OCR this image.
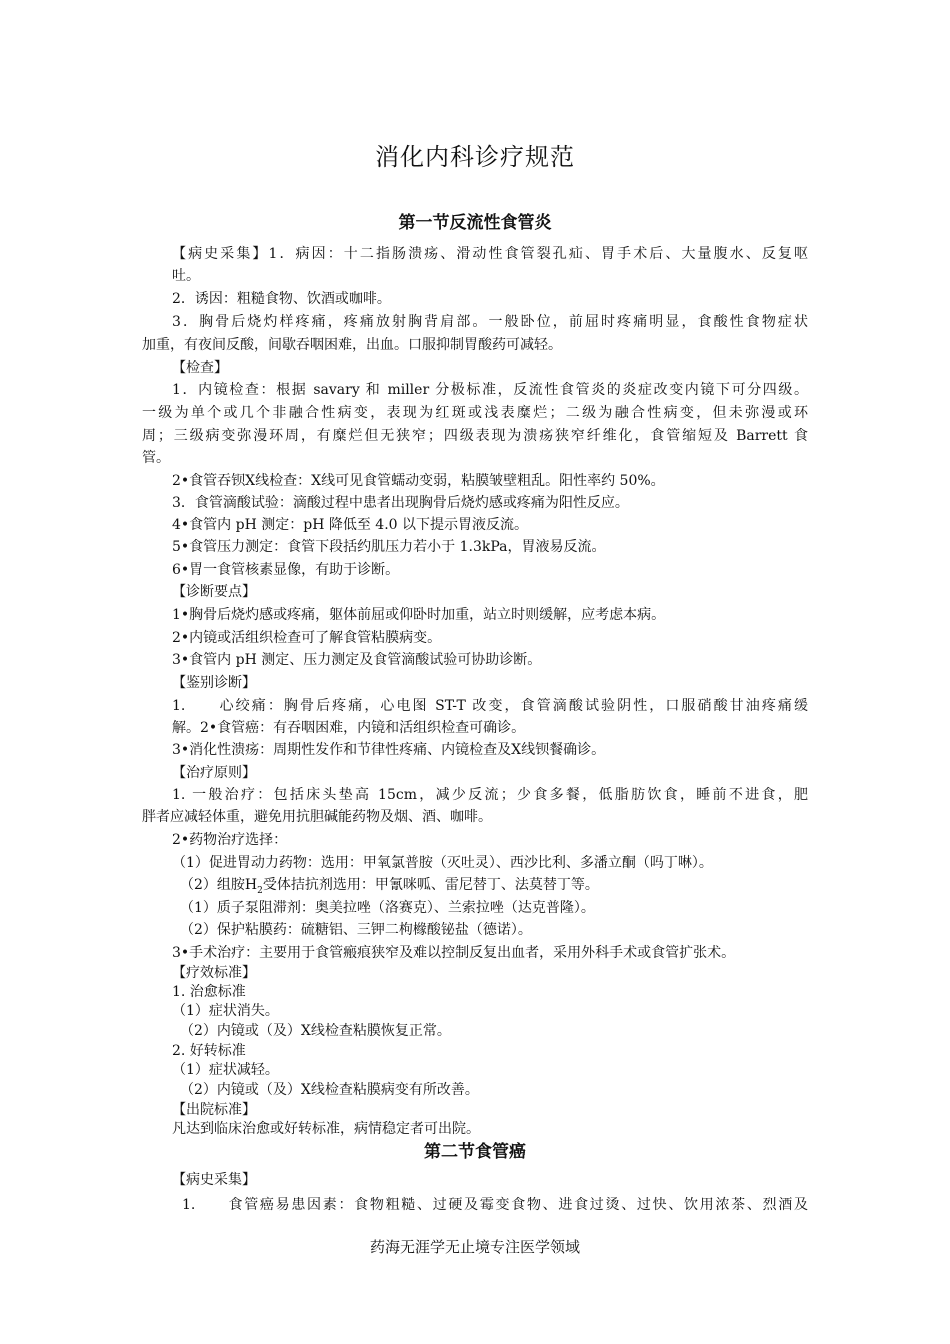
消化内科诊疗规范
第一节反流性食管炎
【病史采集】1．病因：十二指肠溃疡、滑动性食管裂孔疝、胃手术后、大量腹水、反复呕
吐。
2．诱因：粗糙食物、饮酒或咖啡。
3．胸骨后烧灼样疼痛，疼痛放射胸背肩部。一般卧位，前屈时疼痛明显，食酸性食物症状
加重，有夜间反酸，间歇吞咽困难，出血。口服抑制胃酸药可减轻。
【检查】
1．内镜检查：根据 savary 和 miller 分极标准，反流性食管炎的炎症改变内镜下可分四级。
一级为单个或几个非融合性病变，表现为红斑或浅表糜烂；二级为融合性病变，但未弥漫或环
周；三级病变弥漫环周，有糜烂但无狭窄；四级表现为溃疡狭窄纤维化，食管缩短及 Barrett 食
管。
2•食管吞钡Ⅹ线检查：Ⅹ线可见食管蠕动变弱，粘膜皱壁粗乱。阳性率约 50%。
3．食管滴酸试验：滴酸过程中患者出现胸骨后烧灼感或疼痛为阳性反应。
4•食管内 pH 测定：pH 降低至 4.0 以下提示胃液反流。
5•食管压力测定：食管下段括约肌压力若小于 1.3kPa，胃液易反流。
6•胃一食管核素显像，有助于诊断。
【诊断要点】
1•胸骨后烧灼感或疼痛，躯体前屈或仰卧时加重，站立时则缓解，应考虑本病。
2•内镜或活组织检查可了解食管粘膜病变。
3•食管内 pH 测定、压力测定及食管滴酸试验可协助诊断。
【鉴别诊断】
1.　　心绞痛：胸骨后疼痛，心电图 ST-T 改变，食管滴酸试验阴性，口服硝酸甘油疼痛缓
解。2•食管癌：有吞咽困难，内镜和活组织检查可确诊。
3•消化性溃疡：周期性发作和节律性疼痛、内镜检查及Ⅹ线钡餐确诊。
【治疗原则】
1. 一般治疗：包括床头垫高 15cm，减少反流；少食多餐，低脂肪饮食，睡前不进食，肥
胖者应减轻体重，避免用抗胆碱能药物及烟、酒、咖啡。
2•药物治疗选择：
（1）促进胃动力药物：选用：甲氧氯普胺（灭吐灵）、西沙比利、多潘立酮（吗丁啉）。
（2）组胺$H_2$受体拮抗剂选用：甲氰咪呱、雷尼替丁、法莫替丁等。
（1）质子泵阻滞剂：奥美拉唑（洛赛克）、兰索拉唑（达克普隆）。
（2）保护粘膜药：硫糖铝、三钾二枸橼酸铋盐（德诺）。
3•手术治疗：主要用于食管瘢痕狭窄及难以控制反复出血者，采用外科手术或食管扩张术。
【疗效标准】
1. 治愈标准
（1）症状消失。
（2）内镜或（及）Ⅹ线检查粘膜恢复正常。
2. 好转标准
（1）症状减轻。
（2）内镜或（及）Ⅹ线检查粘膜病变有所改善。
【出院标准】
凡达到临床治愈或好转标准，病情稳定者可出院。
第二节食管癌
【病史采集】
1.　　食管癌易患因素：食物粗糙、过硬及霉变食物、进食过烫、过快、饮用浓茶、烈酒及
药海无涯学无止境专注医学领域
